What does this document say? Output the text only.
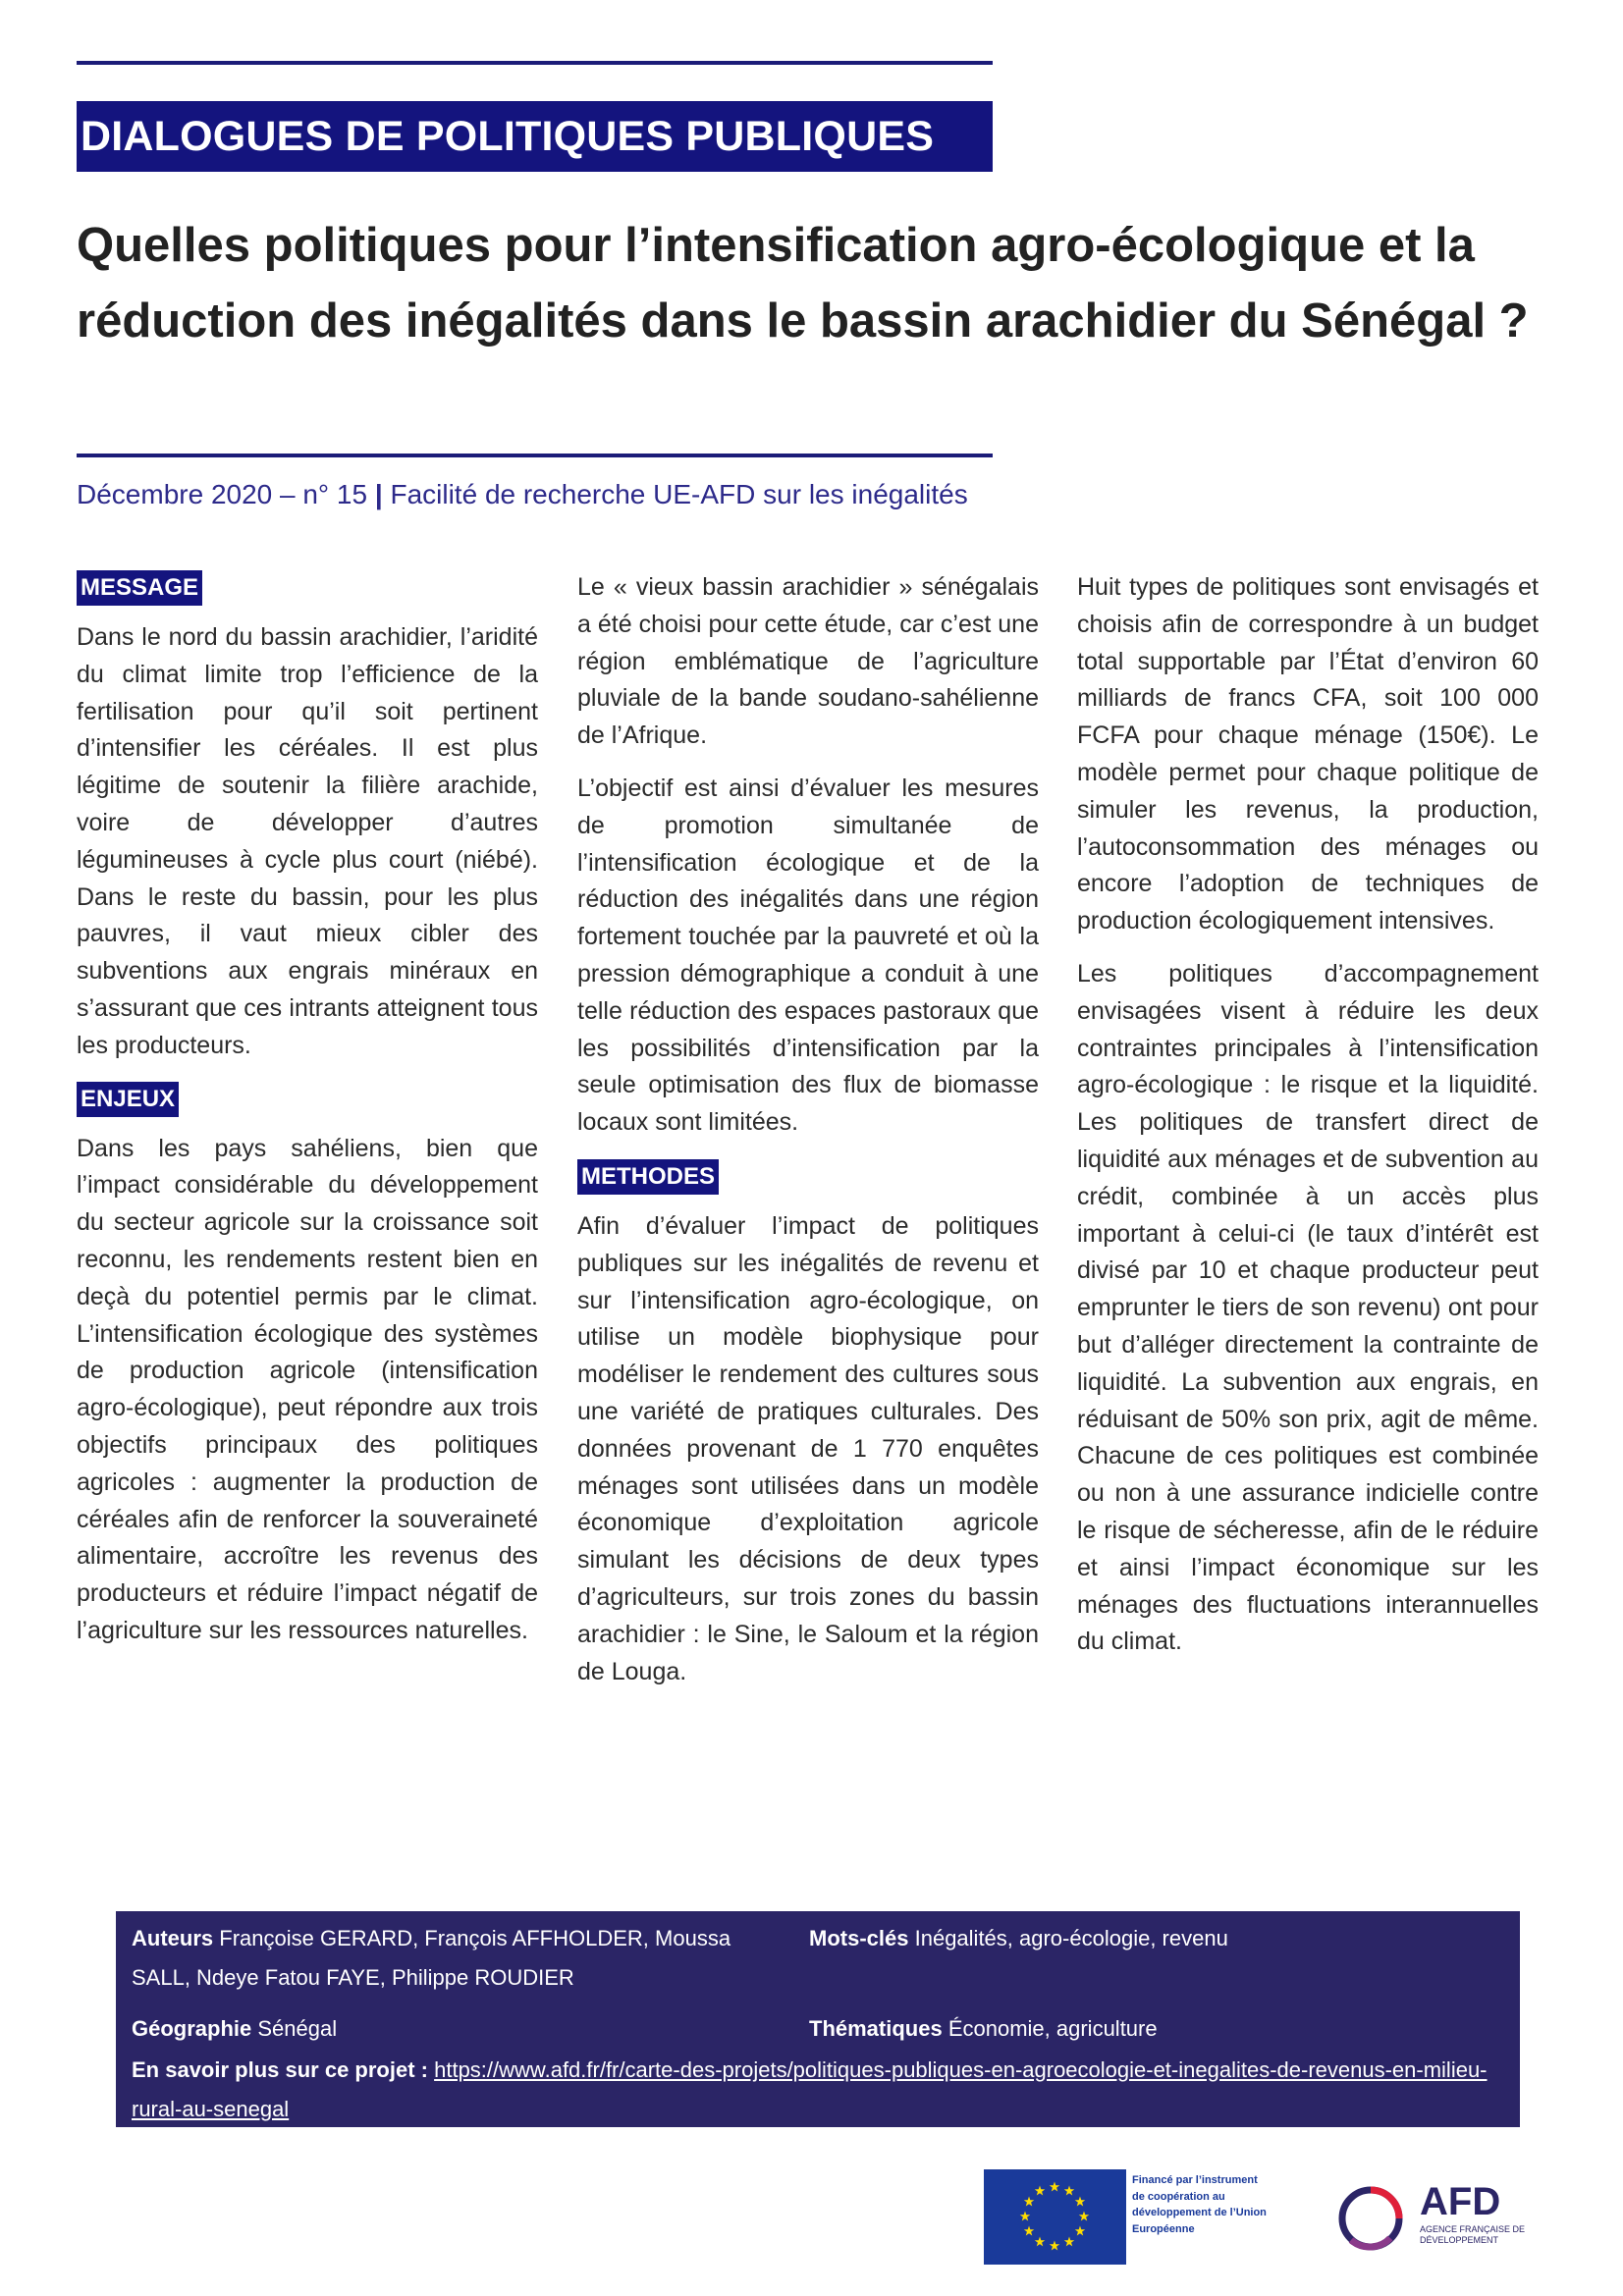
DIALOGUES DE POLITIQUES PUBLIQUES
Quelles politiques pour l’intensification agro-écologique et la réduction des inégalités dans le bassin arachidier du Sénégal ?
Décembre 2020 – n° 15 | Facilité de recherche UE-AFD sur les inégalités
MESSAGE

Dans le nord du bassin arachidier, l’aridité du climat limite trop l’efficience de la fertilisation pour qu’il soit pertinent d’intensifier les céréales. Il est plus légitime de soutenir la filière arachide, voire de développer d’autres légumineuses à cycle plus court (niébé). Dans le reste du bassin, pour les plus pauvres, il vaut mieux cibler des subventions aux engrais minéraux en s’assurant que ces intrants atteignent tous les producteurs.

ENJEUX

Dans les pays sahéliens, bien que l’impact considérable du développement du secteur agricole sur la croissance soit reconnu, les rendements restent bien en deçà du potentiel permis par le climat. L’intensification écologique des systèmes de production agricole (intensification agro-écologique), peut répondre aux trois objectifs principaux des politiques agricoles : augmenter la production de céréales afin de renforcer la souveraineté alimentaire, accroître les revenus des producteurs et réduire l’impact négatif de l’agriculture sur les ressources naturelles.

Le « vieux bassin arachidier » sénégalais a été choisi pour cette étude, car c’est une région emblématique de l’agriculture pluviale de la bande soudano-sahélienne de l’Afrique.

L’objectif est ainsi d’évaluer les mesures de promotion simultanée de l’intensification écologique et de la réduction des inégalités dans une région fortement touchée par la pauvreté et où la pression démographique a conduit à une telle réduction des espaces pastoraux que les possibilités d’intensification par la seule optimisation des flux de biomasse locaux sont limitées.

METHODES

Afin d’évaluer l’impact de politiques publiques sur les inégalités de revenu et sur l’intensification agro-écologique, on utilise un modèle biophysique pour modéliser le rendement des cultures sous une variété de pratiques culturales. Des données provenant de 1 770 enquêtes ménages sont utilisées dans un modèle économique d’exploitation agricole simulant les décisions de deux types d’agriculteurs, sur trois zones du bassin arachidier : le Sine, le Saloum et la région de Louga.

Huit types de politiques sont envisagés et choisis afin de correspondre à un budget total supportable par l’État d’environ 60 milliards de francs CFA, soit 100 000 FCFA pour chaque ménage (150€). Le modèle permet pour chaque politique de simuler les revenus, la production, l’autoconsommation des ménages ou encore l’adoption de techniques de production écologiquement intensives.

Les politiques d’accompagnement envisagées visent à réduire les deux contraintes principales à l’intensification agro-écologique : le risque et la liquidité. Les politiques de transfert direct de liquidité aux ménages et de subvention au crédit, combinée à un accès plus important à celui-ci (le taux d’intérêt est divisé par 10 et chaque producteur peut emprunter le tiers de son revenu) ont pour but d’alléger directement la contrainte de liquidité. La subvention aux engrais, en réduisant de 50% son prix, agit de même. Chacune de ces politiques est combinée ou non à une assurance indicielle contre le risque de sécheresse, afin de le réduire et ainsi l’impact économique sur les ménages des fluctuations interannuelles du climat.

Auteurs Françoise GERARD, François AFFHOLDER, Moussa SALL, Ndeye Fatou FAYE, Philippe ROUDIER
Mots-clés Inégalités, agro-écologie, revenu
Géographie Sénégal	Thématiques Économie, agriculture
En savoir plus sur ce projet : https://www.afd.fr/fr/carte-des-projets/politiques-publiques-en-agroecologie-et-inegalites-de-revenus-en-milieu-rural-au-senegal
Financé par l’instrument de coopération au développement de l’Union Européenne
AFD
AGENCE FRANÇAISE DE DÉVELOPPEMENT
